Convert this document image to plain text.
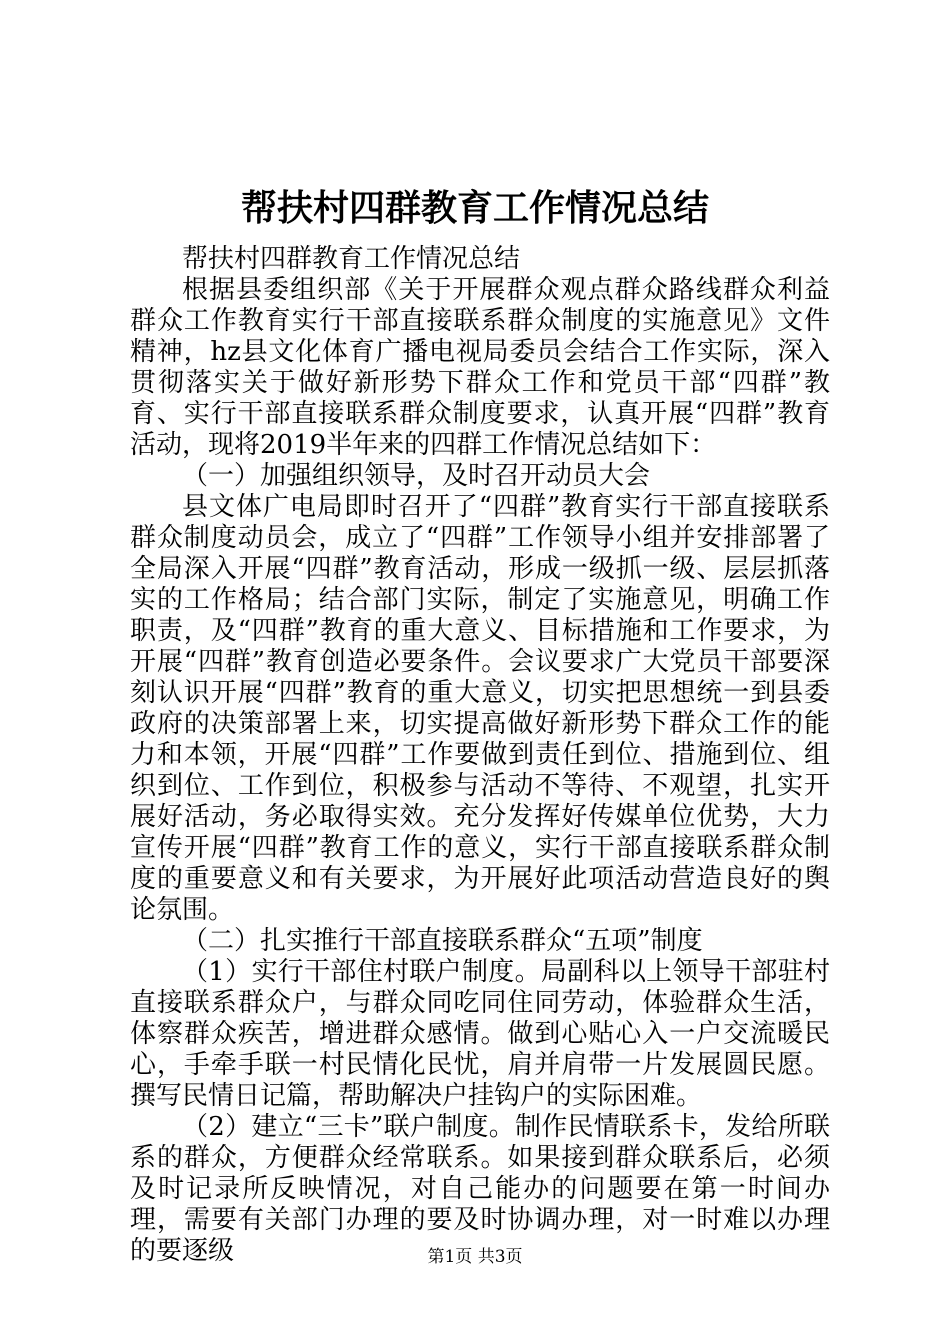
帮扶村四群教育工作情况总结

帮扶村四群教育工作情况总结

根据县委组织部《关于开展群众观点群众路线群众利益群众工作教育实行干部直接联系群众制度的实施意见》文件精神，hz县文化体育广播电视局委员会结合工作实际，深入贯彻落实关于做好新形势下群众工作和党员干部“四群”教育、实行干部直接联系群众制度要求，认真开展“四群”教育活动，现将2019半年来的四群工作情况总结如下：

（一）加强组织领导，及时召开动员大会

县文体广电局即时召开了“四群”教育实行干部直接联系群众制度动员会，成立了“四群”工作领导小组并安排部署了全局深入开展“四群”教育活动，形成一级抓一级、层层抓落实的工作格局；结合部门实际，制定了实施意见，明确工作职责，及“四群”教育的重大意义、目标措施和工作要求，为开展“四群”教育创造必要条件。会议要求广大党员干部要深刻认识开展“四群”教育的重大意义，切实把思想统一到县委政府的决策部署上来，切实提高做好新形势下群众工作的能力和本领，开展“四群”工作要做到责任到位、措施到位、组织到位、工作到位，积极参与活动不等待、不观望，扎实开展好活动，务必取得实效。充分发挥好传媒单位优势，大力宣传开展“四群”教育工作的意义，实行干部直接联系群众制度的重要意义和有关要求，为开展好此项活动营造良好的舆论氛围。

（二）扎实推行干部直接联系群众“五项”制度

（1）实行干部住村联户制度。局副科以上领导干部驻村直接联系群众户，与群众同吃同住同劳动，体验群众生活，体察群众疾苦，增进群众感情。做到心贴心入一户交流暖民心，手牵手联一村民情化民忧，肩并肩带一片发展圆民愿。撰写民情日记篇，帮助解决户挂钩户的实际困难。

（2）建立“三卡”联户制度。制作民情联系卡，发给所联系的群众，方便群众经常联系。如果接到群众联系后，必须及时记录所反映情况，对自己能办的问题要在第一时间办理，需要有关部门办理的要及时协调办理，对一时难以办理的要逐级	第1页 共3页
